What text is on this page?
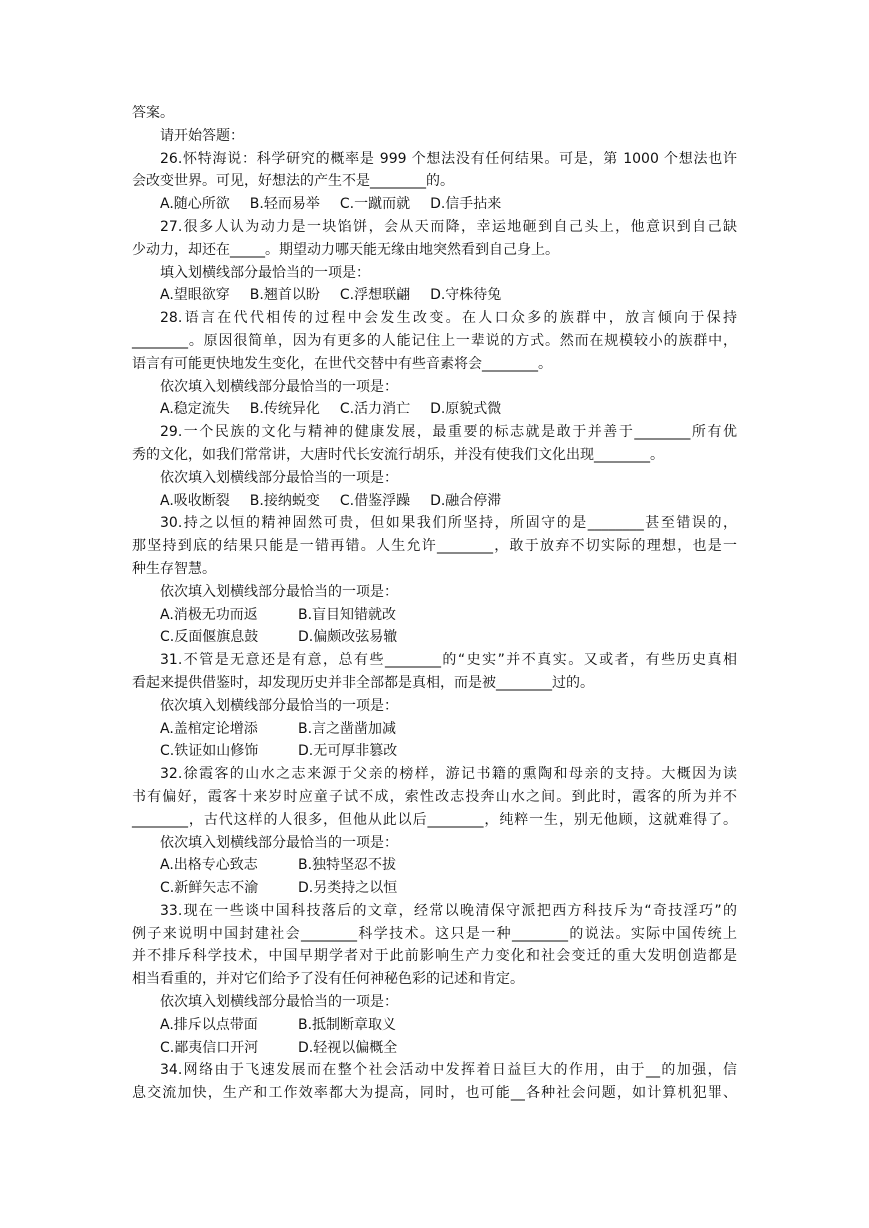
答案。
请开始答题：
26.怀特海说：科学研究的概率是 999 个想法没有任何结果。可是，第 1000 个想法也许
会改变世界。可见，好想法的产生不是________的。
A.随心所欲 B.轻而易举 C.一蹴而就 D.信手拈来
27.很多人认为动力是一块馅饼，会从天而降，幸运地砸到自己头上，他意识到自己缺
少动力，却还在_____。期望动力哪天能无缘由地突然看到自己身上。
填入划横线部分最恰当的一项是：
A.望眼欲穿 B.翘首以盼 C.浮想联翩 D.守株待兔
28.语言在代代相传的过程中会发生改变。在人口众多的族群中，放言倾向于保持
________。原因很简单，因为有更多的人能记住上一辈说的方式。然而在规模较小的族群中，
语言有可能更快地发生变化，在世代交替中有些音素将会________。
依次填入划横线部分最恰当的一项是：
A.稳定流失 B.传统异化 C.活力消亡 D.原貌式微
29.一个民族的文化与精神的健康发展，最重要的标志就是敢于并善于________所有优
秀的文化，如我们常常讲，大唐时代长安流行胡乐，并没有使我们文化出现________。
依次填入划横线部分最恰当的一项是：
A.吸收断裂 B.接纳蜕变 C.借鉴浮躁 D.融合停滞
30.持之以恒的精神固然可贵，但如果我们所坚持，所固守的是________甚至错误的，
那坚持到底的结果只能是一错再错。人生允许________，敢于放弃不切实际的理想，也是一
种生存智慧。
依次填入划横线部分最恰当的一项是：
A.消极无功而返	B.盲目知错就改
C.反面偃旗息鼓	D.偏颇改弦易辙
31.不管是无意还是有意，总有些________的“史实”并不真实。又或者，有些历史真相
看起来提供借鉴时，却发现历史并非全部都是真相，而是被________过的。
依次填入划横线部分最恰当的一项是：
A.盖棺定论增添	B.言之凿凿加减
C.铁证如山修饰	D.无可厚非篡改
32.徐霞客的山水之志来源于父亲的榜样，游记书籍的熏陶和母亲的支持。大概因为读
书有偏好，霞客十来岁时应童子试不成，索性改志投奔山水之间。到此时，霞客的所为并不
________，古代这样的人很多，但他从此以后________，纯粹一生，别无他顾，这就难得了。
依次填入划横线部分最恰当的一项是：
A.出格专心致志	B.独特坚忍不拔
C.新鲜矢志不渝	D.另类持之以恒
33.现在一些谈中国科技落后的文章，经常以晚清保守派把西方科技斥为“奇技淫巧”的
例子来说明中国封建社会________科学技术。这只是一种________的说法。实际中国传统上
并不排斥科学技术，中国早期学者对于此前影响生产力变化和社会变迁的重大发明创造都是
相当看重的，并对它们给予了没有任何神秘色彩的记述和肯定。
依次填入划横线部分最恰当的一项是：
A.排斥以点带面	B.抵制断章取义
C.鄙夷信口开河	D.轻视以偏概全
34.网络由于飞速发展而在整个社会活动中发挥着日益巨大的作用，由于__的加强，信
息交流加快，生产和工作效率都大为提高，同时，也可能__各种社会问题，如计算机犯罪、
